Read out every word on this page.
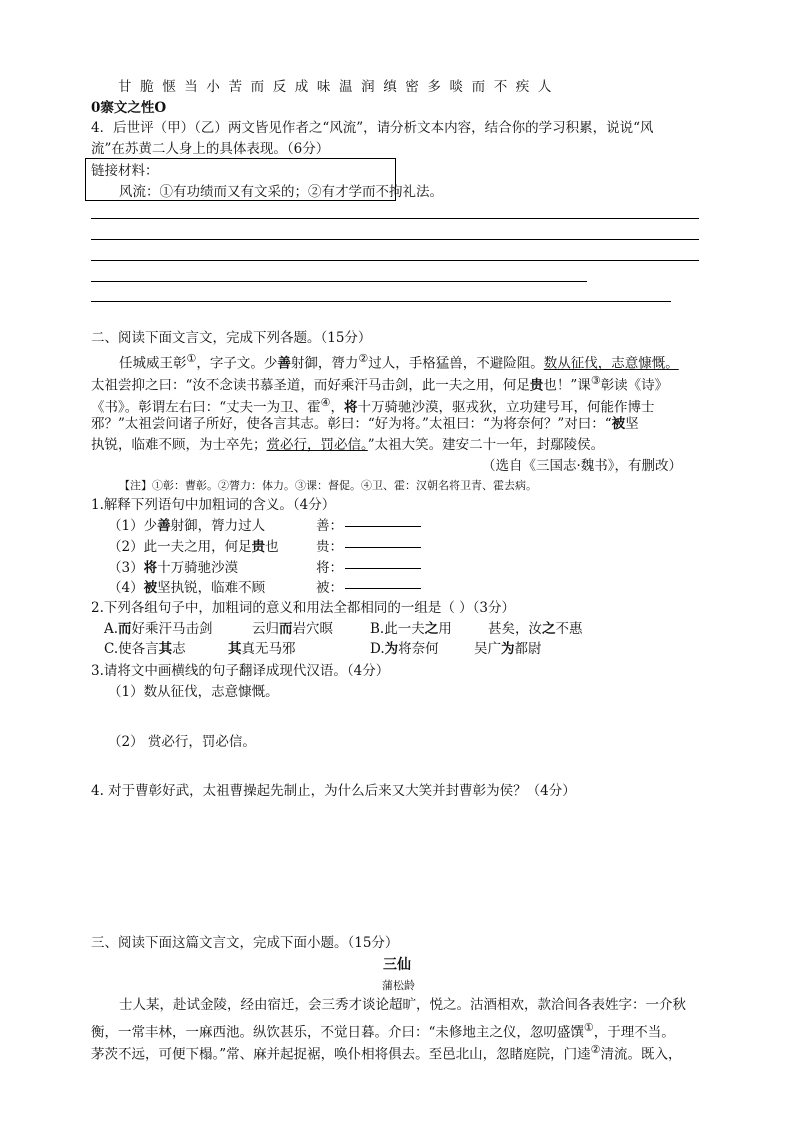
甘脆惬当小苦而反成味温润缜密多啖而不疾人
0寨文之性O
4．后世评（甲）（乙）两文皆见作者之“风流”，请分析文本内容，结合你的学习积累，说说“风
流”在苏黄二人身上的具体表现。（6分）
链接材料：
风流：①有功绩而又有文采的；②有才学而不拘礼法。
二、阅读下面文言文，完成下列各题。（15分）
任城威王彰①，字子文。少善射御，膂力②过人，手格猛兽，不避险阻。数从征伐，志意慷慨。
太祖尝抑之曰：“汝不念读书慕圣道，而好乘汗马击剑，此一夫之用，何足贵也！”课③彰读《诗》
《书》。彰谓左右曰：“丈夫一为卫、霍④，将十万骑驰沙漠，驱戎狄，立功建号耳，何能作博士
邪？”太祖尝问诸子所好，使各言其志。彰曰：“好为将。”太祖曰：“为将奈何？”对曰：“被坚
执锐，临难不顾，为士卒先；赏必行，罚必信。”太祖大笑。建安二十一年，封鄢陵侯。
（选自《三国志·魏书》，有删改）
【注】①彰：曹彰。②膂力：体力。③课：督促。④卫、霍：汉朝名将卫青、霍去病。
1.解释下列语句中加粗词的含义。（4分）
（1）少善射御，膂力过人	善：
（2）此一夫之用，何足贵也	贵：
（3）将十万骑驰沙漠	将：
（4）被坚执锐，临难不顾	被：
2.下列各组句子中，加粗词的意义和用法全都相同的一组是（ ）（3分）
A.而好乘汗马击剑	云归而岩穴暝	B.此一夫之用	甚矣，汝之不惠
C.使各言其志	其真无马邪	D.为将奈何	吴广为都尉
3.请将文中画横线的句子翻译成现代汉语。（4分）
（1）数从征伐，志意慷慨。
（2） 赏必行，罚必信。
4. 对于曹彰好武，太祖曹操起先制止，为什么后来又大笑并封曹彰为侯？（4分）
三、阅读下面这篇文言文，完成下面小题。（15分）
三仙
蒲松龄
士人某，赴试金陵，经由宿迁，会三秀才谈论超旷，悦之。沽酒相欢，款洽间各表姓字：一介秋
衡，一常丰林，一麻西池。纵饮甚乐，不觉日暮。介曰：“未修地主之仪，忽叨盛馔①，于理不当。
茅茨不远，可便下榻。”常、麻并起捉裾，唤仆相将俱去。至邑北山，忽睹庭院，门逵②清流。既入，
